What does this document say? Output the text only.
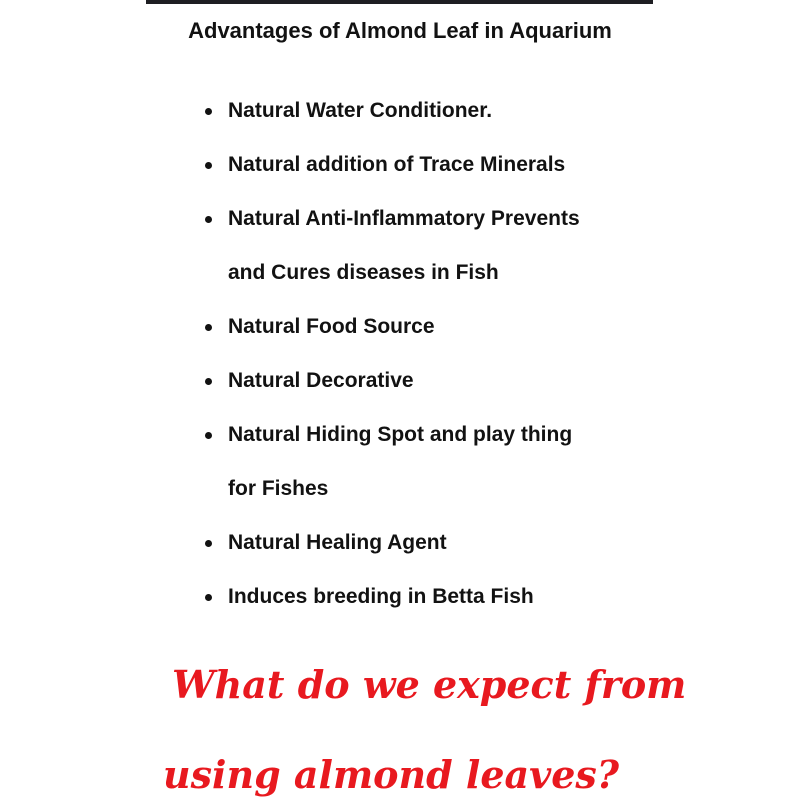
Advantages of Almond Leaf in Aquarium
Natural Water Conditioner.
Natural addition of Trace Minerals
Natural Anti-Inflammatory Prevents
and Cures diseases in Fish
Natural Food Source
Natural Decorative
Natural Hiding Spot and play thing
for Fishes
Natural Healing Agent
Induces breeding in Betta Fish
What do we expect from
using almond leaves?
